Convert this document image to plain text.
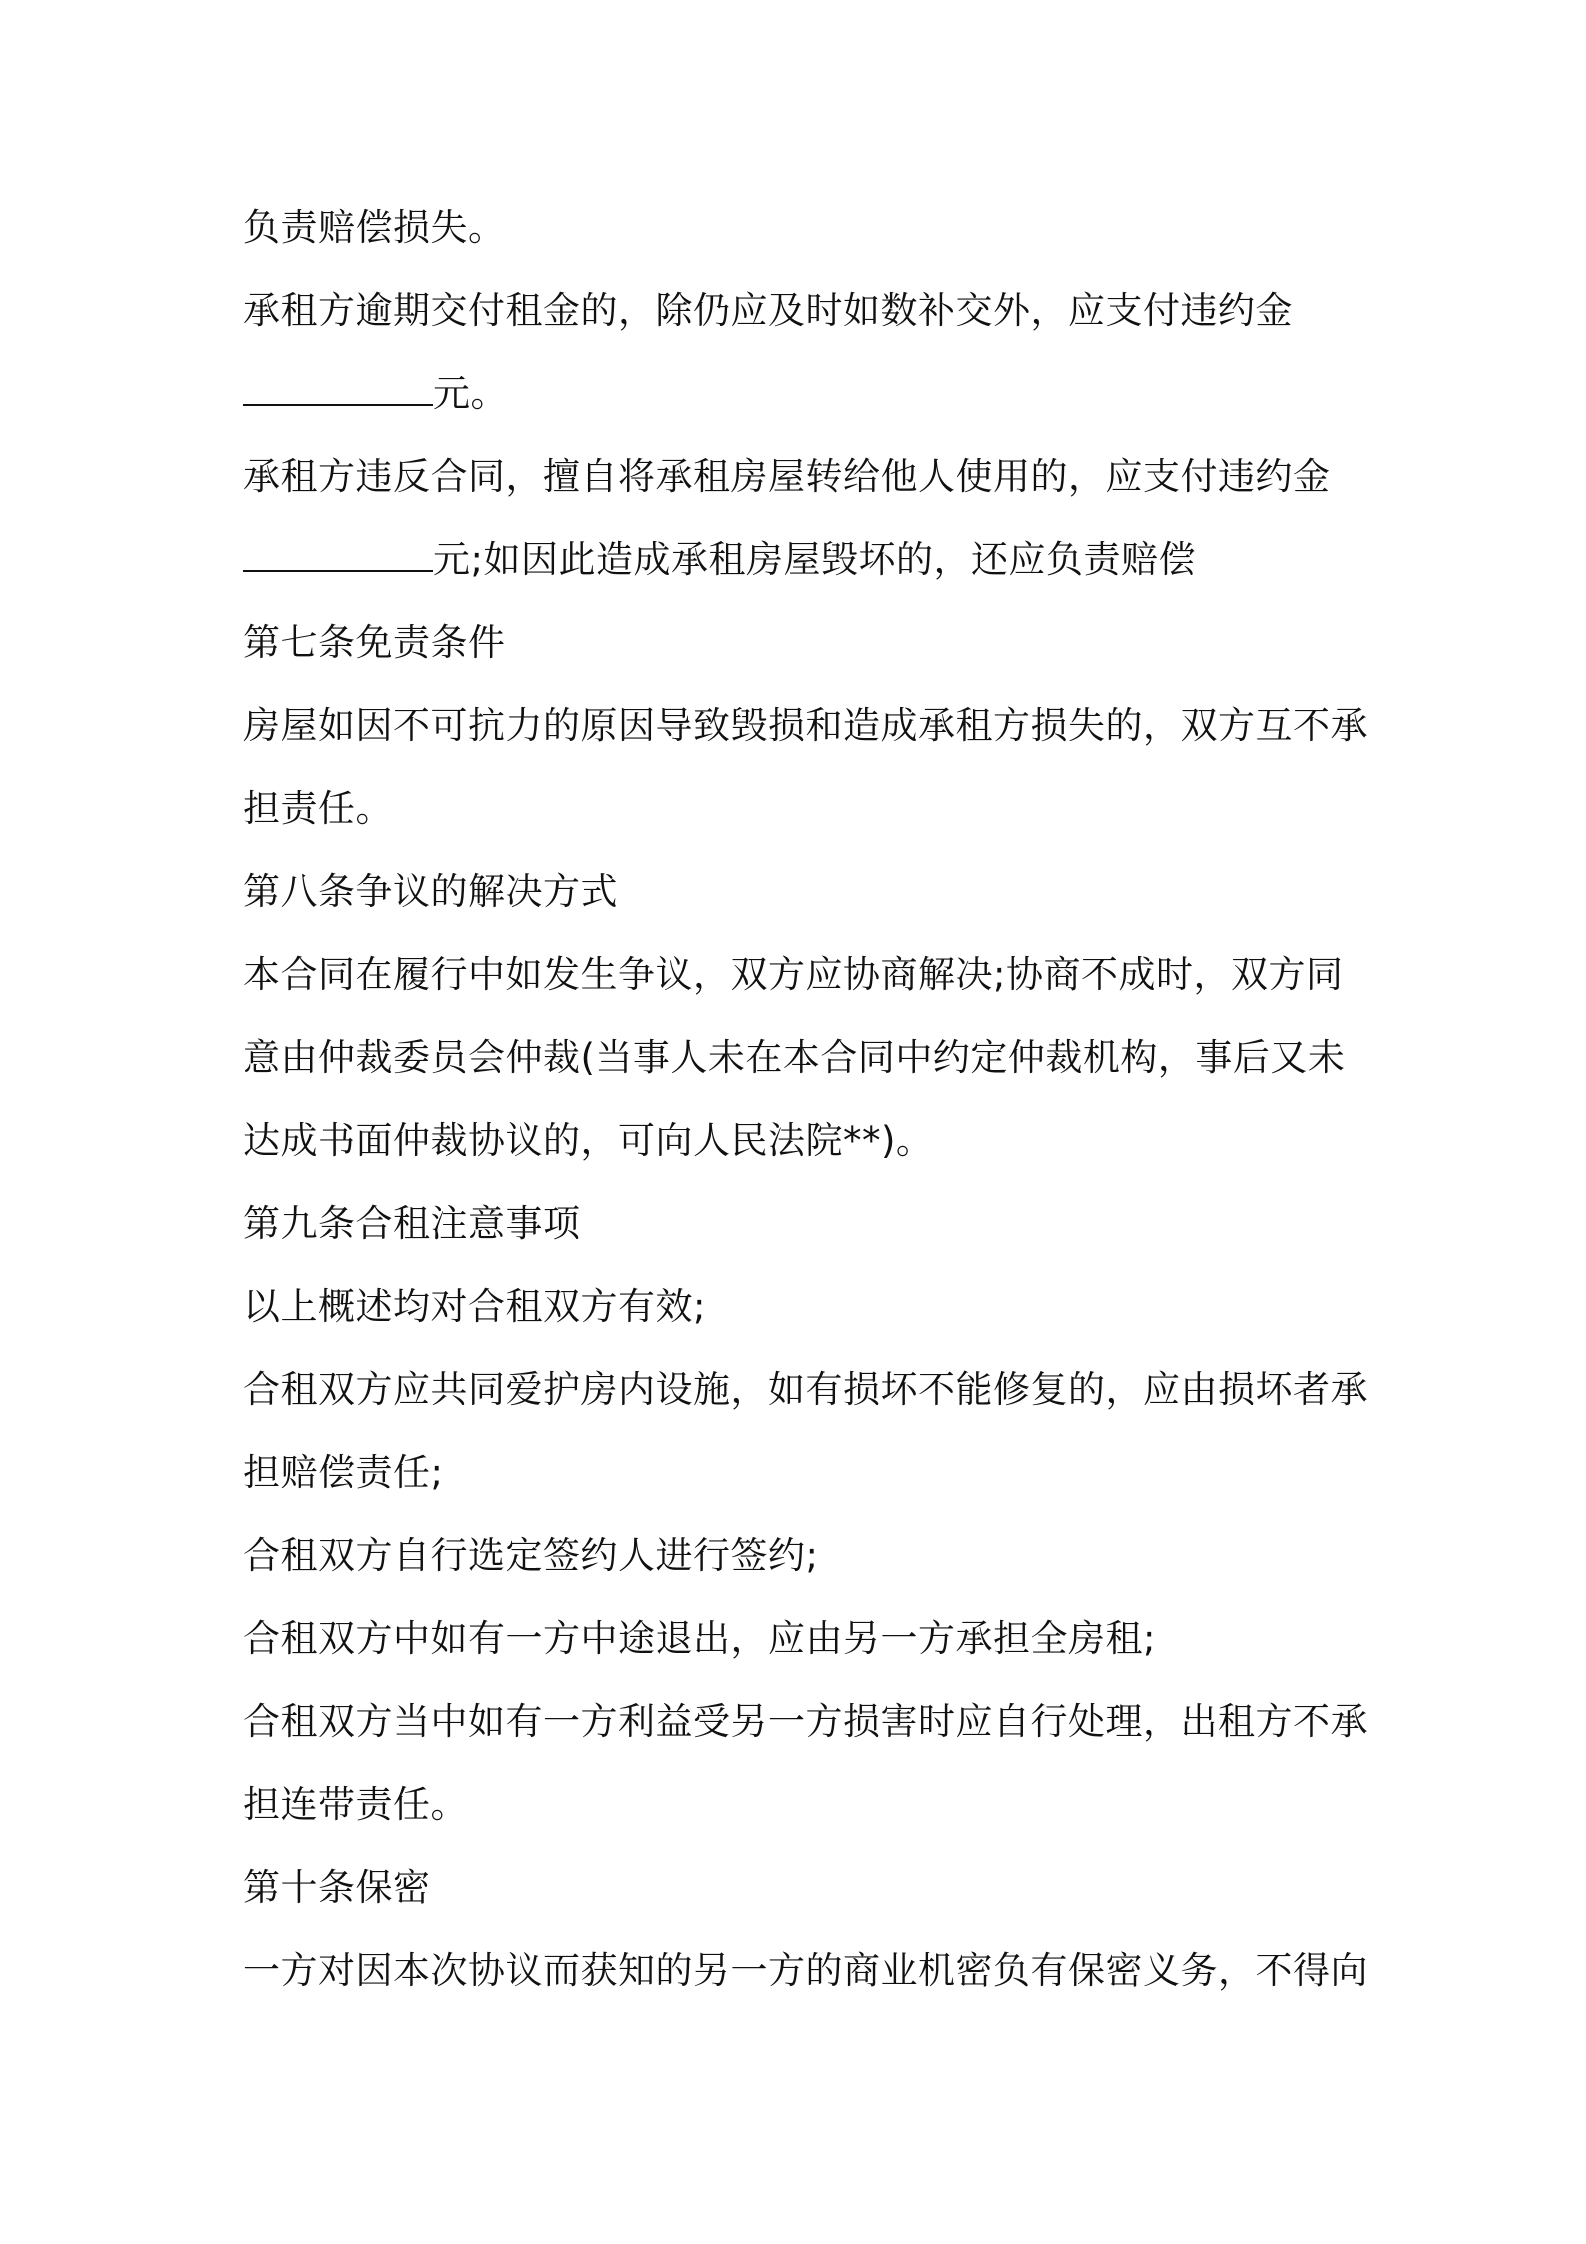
负责赔偿损失。
承租方逾期交付租金的，除仍应及时如数补交外，应支付违约金
元。
承租方违反合同，擅自将承租房屋转给他人使用的，应支付违约金
元;如因此造成承租房屋毁坏的，还应负责赔偿
第七条免责条件
房屋如因不可抗力的原因导致毁损和造成承租方损失的，双方互不承
担责任。
第八条争议的解决方式
本合同在履行中如发生争议，双方应协商解决;协商不成时，双方同
意由仲裁委员会仲裁(当事人未在本合同中约定仲裁机构，事后又未
达成书面仲裁协议的，可向人民法院**)。
第九条合租注意事项
以上概述均对合租双方有效;
合租双方应共同爱护房内设施，如有损坏不能修复的，应由损坏者承
担赔偿责任;
合租双方自行选定签约人进行签约;
合租双方中如有一方中途退出，应由另一方承担全房租;
合租双方当中如有一方利益受另一方损害时应自行处理，出租方不承
担连带责任。
第十条保密
一方对因本次协议而获知的另一方的商业机密负有保密义务，不得向
